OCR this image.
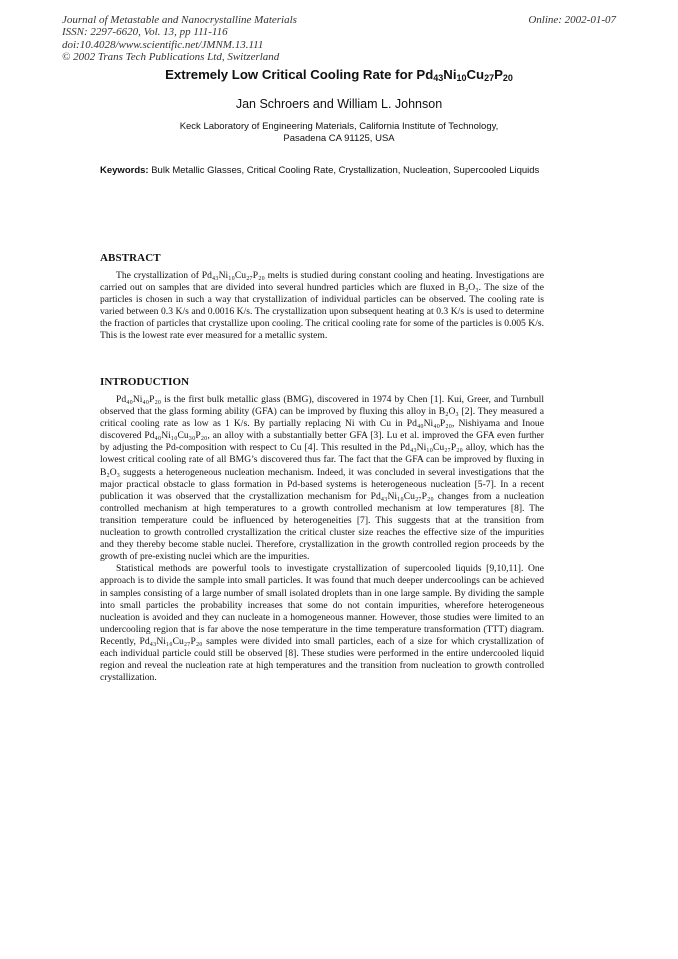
Journal of Metastable and Nanocrystalline Materials
ISSN: 2297-6620, Vol. 13, pp 111-116
doi:10.4028/www.scientific.net/JMNM.13.111
© 2002 Trans Tech Publications Ltd, Switzerland
Online: 2002-01-07
Extremely Low Critical Cooling Rate for $Pd_{43}Ni_{10}Cu_{27}P_{20}$
Jan Schroers and William L. Johnson
Keck Laboratory of Engineering Materials, California Institute of Technology,
Pasadena CA 91125, USA
Keywords: Bulk Metallic Glasses, Critical Cooling Rate, Crystallization, Nucleation, Supercooled Liquids
ABSTRACT

The crystallization of Pd₄₃Ni₁₀Cu₂₇P₂₀ melts is studied during constant cooling and heating. Investigations are carried out on samples that are divided into several hundred particles which are fluxed in B₂O₃. The size of the particles is chosen in such a way that crystallization of individual particles can be observed. The cooling rate is varied between 0.3 K/s and 0.0016 K/s. The crystallization upon subsequent heating at 0.3 K/s is used to determine the fraction of particles that crystallize upon cooling. The critical cooling rate for some of the particles is 0.005 K/s. This is the lowest rate ever measured for a metallic system.

INTRODUCTION

Pd₄₀Ni₄₀P₂₀ is the first bulk metallic glass (BMG), discovered in 1974 by Chen [1]. Kui, Greer, and Turnbull observed that the glass forming ability (GFA) can be improved by fluxing this alloy in B₂O₃ [2]. They measured a critical cooling rate as low as 1 K/s. By partially replacing Ni with Cu in Pd₄₀Ni₄₀P₂₀, Nishiyama and Inoue discovered Pd₄₀Ni₁₀Cu₃₀P₂₀, an alloy with a substantially better GFA [3]. Lu et al. improved the GFA even further by adjusting the Pd-composition with respect to Cu [4]. This resulted in the Pd₄₃Ni₁₀Cu₂₇P₂₀ alloy, which has the lowest critical cooling rate of all BMG’s discovered thus far. The fact that the GFA can be improved by fluxing in B₂O₃ suggests a heterogeneous nucleation mechanism. Indeed, it was concluded in several investigations that the major practical obstacle to glass formation in Pd-based systems is heterogeneous nucleation [5-7]. In a recent publication it was observed that the crystallization mechanism for Pd₄₃Ni₁₀Cu₂₇P₂₀ changes from a nucleation controlled mechanism at high temperatures to a growth controlled mechanism at low temperatures [8]. The transition temperature could be influenced by heterogeneities [7]. This suggests that at the transition from nucleation to growth controlled crystallization the critical cluster size reaches the effective size of the impurities and they thereby become stable nuclei. Therefore, crystallization in the growth controlled region proceeds by the growth of pre-existing nuclei which are the impurities.

Statistical methods are powerful tools to investigate crystallization of supercooled liquids [9,10,11]. One approach is to divide the sample into small particles. It was found that much deeper undercoolings can be achieved in samples consisting of a large number of small isolated droplets than in one large sample. By dividing the sample into small particles the probability increases that some do not contain impurities, wherefore heterogeneous nucleation is avoided and they can nucleate in a homogeneous manner. However, those studies were limited to an undercooling region that is far above the nose temperature in the time temperature transformation (TTT) diagram. Recently, Pd₄₃Ni₁₀Cu₂₇P₂₀ samples were divided into small particles, each of a size for which crystallization of each individual particle could still be observed [8]. These studies were performed in the entire undercooled liquid region and reveal the nucleation rate at high temperatures and the transition from nucleation to growth controlled crystallization.
